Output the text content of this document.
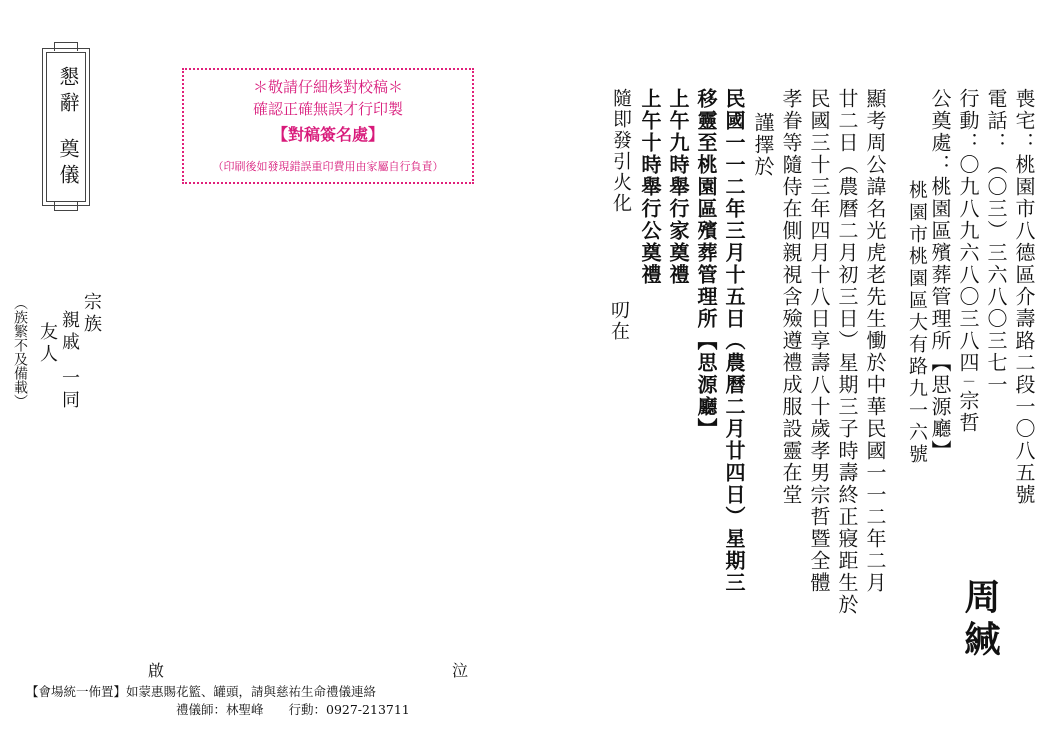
喪宅：桃園市八德區介壽路二段一〇八五號
電話：（〇三）三六八〇三七一
行動：〇九八九六八〇三八四－宗哲
公奠處：桃園區殯葬管理所【思源廳】
桃園市桃園區大有路九一六號
周緘
顯考周公諱名光虎老先生慟於中華民國一一二年二月
廿二日（農曆二月初三日）星期三子時壽終正寢距生於
民國三十三年四月十八日享壽八十歲孝男宗哲暨全體
孝眷等隨侍在側親視含殮遵禮成服設靈在堂
謹擇於
民國一一二年三月十五日（農曆二月廿四日）星期三
移靈至桃園區殯葬管理所【思源廳】
上午九時舉行家奠禮
上午十時舉行公奠禮
隨即發引火化
叨在
懇辭
奠儀
＊敬請仔細核對校稿＊
確認正確無誤才行印製
【對稿簽名處】
（印刷後如發現錯誤重印費用由家屬自行負責）
宗族
親戚
一同
友人
（族繁不及備載）
啟	泣
【會場統一佈置】如蒙惠賜花籃、罐頭，請與慈祐生命禮儀連絡
禮儀師：林聖峰　　行動：0927-213711
